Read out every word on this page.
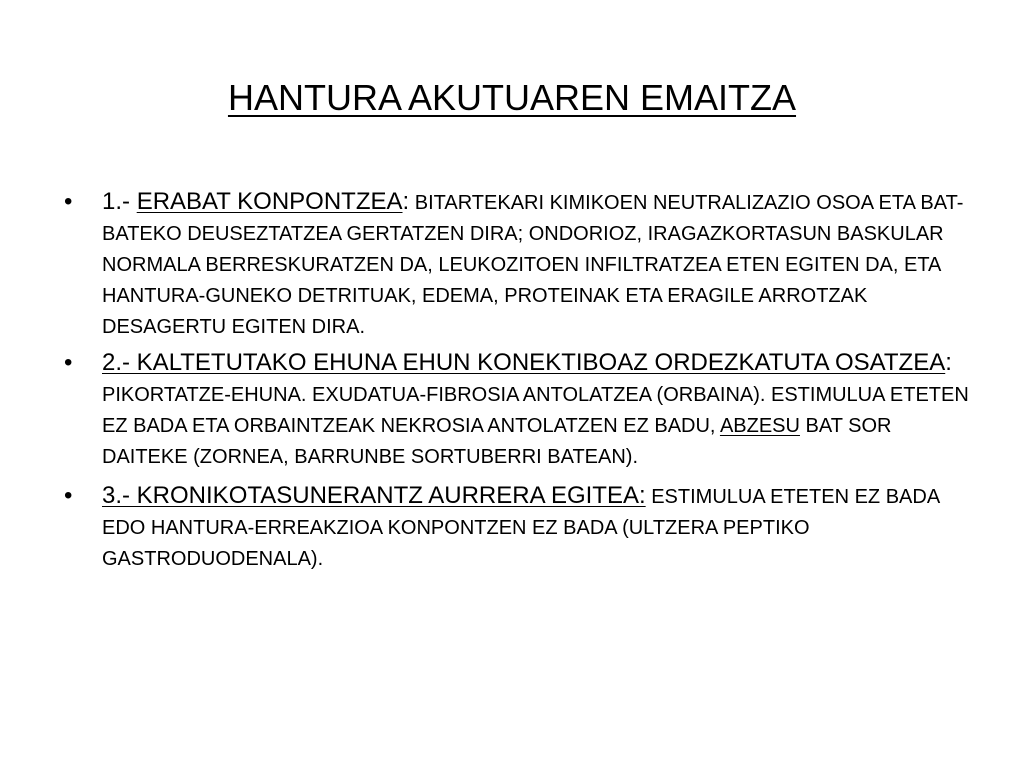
HANTURA AKUTUAREN EMAITZA
• 1.- ERABAT KONPONTZEA: BITARTEKARI KIMIKOEN NEUTRALIZAZIO OSOA ETA BAT-BATEKO DEUSEZTATZEA GERTATZEN DIRA; ONDORIOZ, IRAGAZKORTASUN BASKULAR NORMALA BERRESKURATZEN DA, LEUKOZITOEN INFILTRATZEA ETEN EGITEN DA, ETA HANTURA-GUNEKO DETRITUAK, EDEMA, PROTEINAK ETA ERAGILE ARROTZAK DESAGERTU EGITEN DIRA.
• 2.- KALTETUTAKO EHUNA EHUN KONEKTIBOAZ ORDEZKATUTA OSATZEA: PIKORTATZE-EHUNA. EXUDATUA-FIBROSIA ANTOLATZEA (ORBAINA). ESTIMULUA ETETEN EZ BADA ETA ORBAINTZEAK NEKROSIA ANTOLATZEN EZ BADU, ABZESU BAT SOR DAITEKE (ZORNEA, BARRUNBE SORTUBERRI BATEAN).
• 3.- KRONIKOTASUNERANTZ AURRERA EGITEA: ESTIMULUA ETETEN EZ BADA EDO HANTURA-ERREAKZIOA KONPONTZEN EZ BADA (ULTZERA PEPTIKO GASTRODUODENALA).
